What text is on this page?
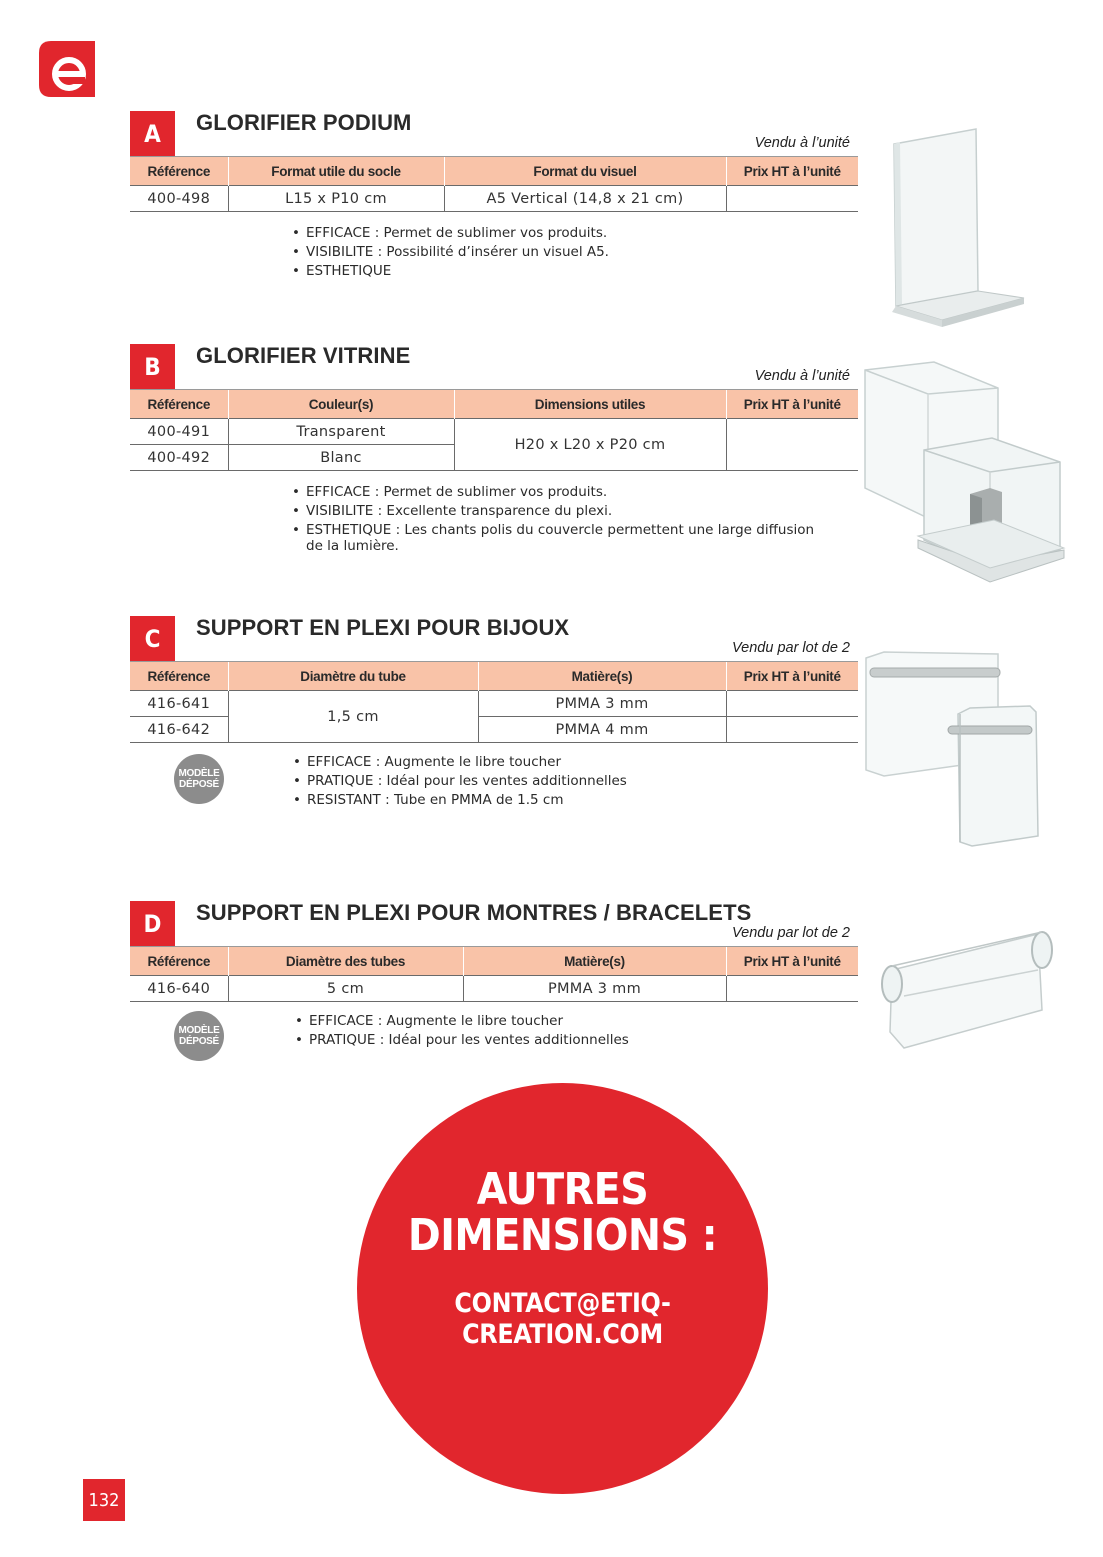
A	GLORIFIER PODIUM
Vendu à l’unité
Référence	Format utile du socle	Format du visuel	Prix HT à l’unité
400-498	L15 x P10 cm	A5 Vertical (14,8 x 21 cm)	
• EFFICACE : Permet de sublimer vos produits.
• VISIBILITE : Possibilité d’insérer un visuel A5.
• ESTHETIQUE
B	GLORIFIER VITRINE
Vendu à l’unité
Référence	Couleur(s)	Dimensions utiles	Prix HT à l’unité
400-491	Transparent	H20 x L20 x P20 cm	
400-492	Blanc		
• EFFICACE : Permet de sublimer vos produits.
• VISIBILITE : Excellente transparence du plexi.
• ESTHETIQUE : Les chants polis du couvercle permettent une large diffusion
de la lumière.
C	SUPPORT EN PLEXI POUR BIJOUX
Vendu par lot de 2
Référence	Diamètre du tube	Matière(s)	Prix HT à l’unité
416-641	1,5 cm	PMMA 3 mm	
416-642		PMMA 4 mm	
MODÈLE
DÉPOSÉ
• EFFICACE : Augmente le libre toucher
• PRATIQUE : Idéal pour les ventes additionnelles
• RESISTANT : Tube en PMMA de 1.5 cm
D	SUPPORT EN PLEXI POUR MONTRES / BRACELETS
Vendu par lot de 2
Référence	Diamètre des tubes	Matière(s)	Prix HT à l’unité
416-640	5 cm	PMMA 3 mm	
MODÈLE
DÉPOSÉ
• EFFICACE : Augmente le libre toucher
• PRATIQUE : Idéal pour les ventes additionnelles
AUTRES
DIMENSIONS :
CONTACT@ETIQ-CREATION.COM
132
